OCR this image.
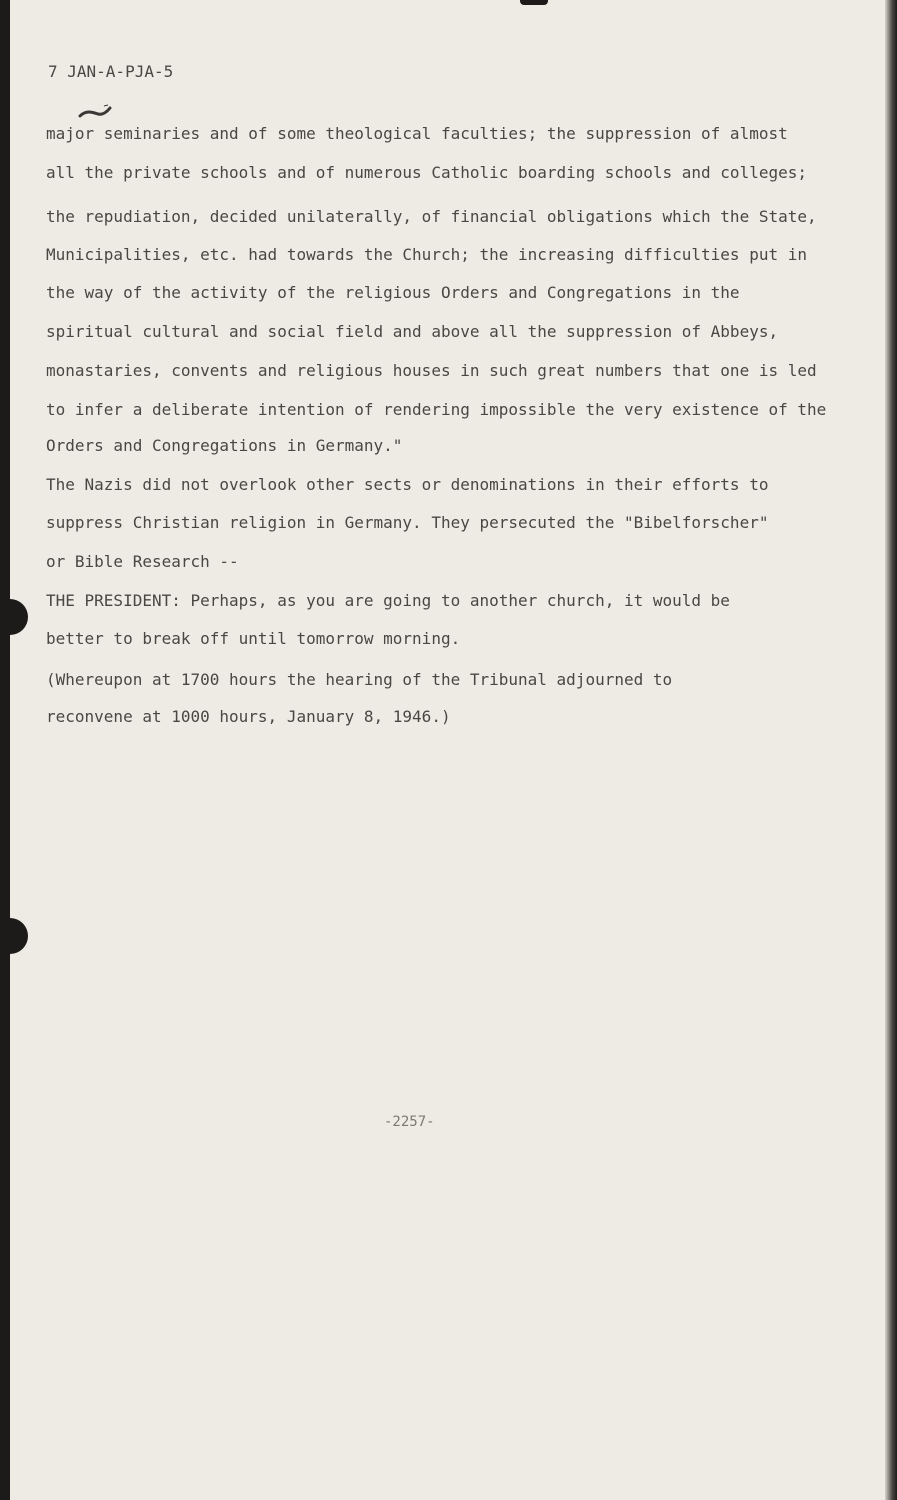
7 JAN-A-PJA-5
major seminaries and of some theological faculties; the suppression of almost
all the private schools and of numerous Catholic boarding schools and colleges;
the repudiation, decided unilaterally, of financial obligations which the State,
Municipalities, etc. had towards the Church; the increasing difficulties put in
the way of the activity of the religious Orders and Congregations in the
spiritual cultural and social field and above all the suppression of Abbeys,
monastaries, convents and religious houses in such great numbers that one is led
to infer a deliberate intention of rendering impossible the very existence of the
Orders and Congregations in Germany."
The Nazis did not overlook other sects or denominations in their efforts to
suppress Christian religion in Germany. They persecuted the "Bibelforscher"
or Bible Research --
THE PRESIDENT: Perhaps, as you are going to another church, it would be
better to break off until tomorrow morning.
(Whereupon at 1700 hours the hearing of the Tribunal adjourned to
reconvene at 1000 hours, January 8, 1946.)
-2257-
